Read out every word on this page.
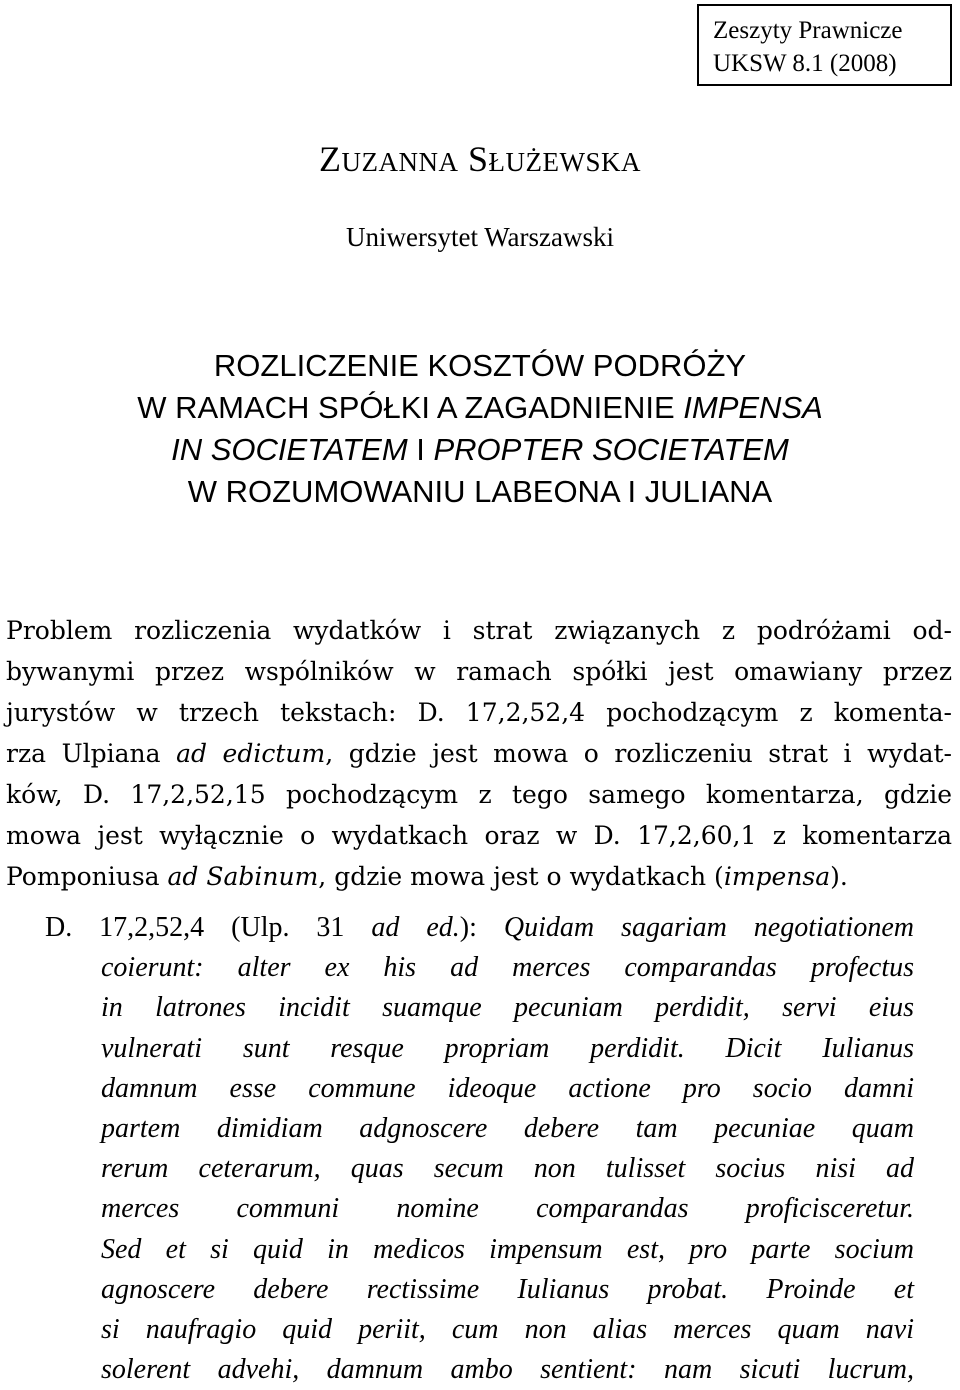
Zeszyty Prawnicze
UKSW 8.1 (2008)
ZUZANNA SŁUŻEWSKA
Uniwersytet Warszawski
ROZLICZENIE KOSZTÓW PODRÓŻY
W RAMACH SPÓŁKI A ZAGADNIENIE IMPENSA
IN SOCIETATEM I PROPTER SOCIETATEM
W ROZUMOWANIU LABEONA I JULIANA
Problem rozliczenia wydatków i strat związanych z podróżami od-
bywanymi przez wspólników w ramach spółki jest omawiany przez
jurystów w trzech tekstach: D. 17,2,52,4 pochodzącym z komenta-
rza Ulpiana ad edictum, gdzie jest mowa o rozliczeniu strat i wydat-
ków, D. 17,2,52,15 pochodzącym z tego samego komentarza, gdzie
mowa jest wyłącznie o wydatkach oraz w D. 17,2,60,1 z komentarza
Pomponiusa ad Sabinum, gdzie mowa jest o wydatkach (impensa).
D. 17,2,52,4 (Ulp. 31 ad ed.): Quidam sagariam negotiationem
coierunt: alter ex his ad merces comparandas profectus
in latrones incidit suamque pecuniam perdidit, servi eius
vulnerati sunt resque propriam perdidit. Dicit Iulianus
damnum esse commune ideoque actione pro socio damni
partem dimidiam adgnoscere debere tam pecuniae quam
rerum ceterarum, quas secum non tulisset socius nisi ad
merces communi nomine comparandas proficisceretur.
Sed et si quid in medicos impensum est, pro parte socium
agnoscere debere rectissime Iulianus probat. Proinde et
si naufragio quid periit, cum non alias merces quam navi
solerent advehi, damnum ambo sentient: nam sicuti lucrum,
